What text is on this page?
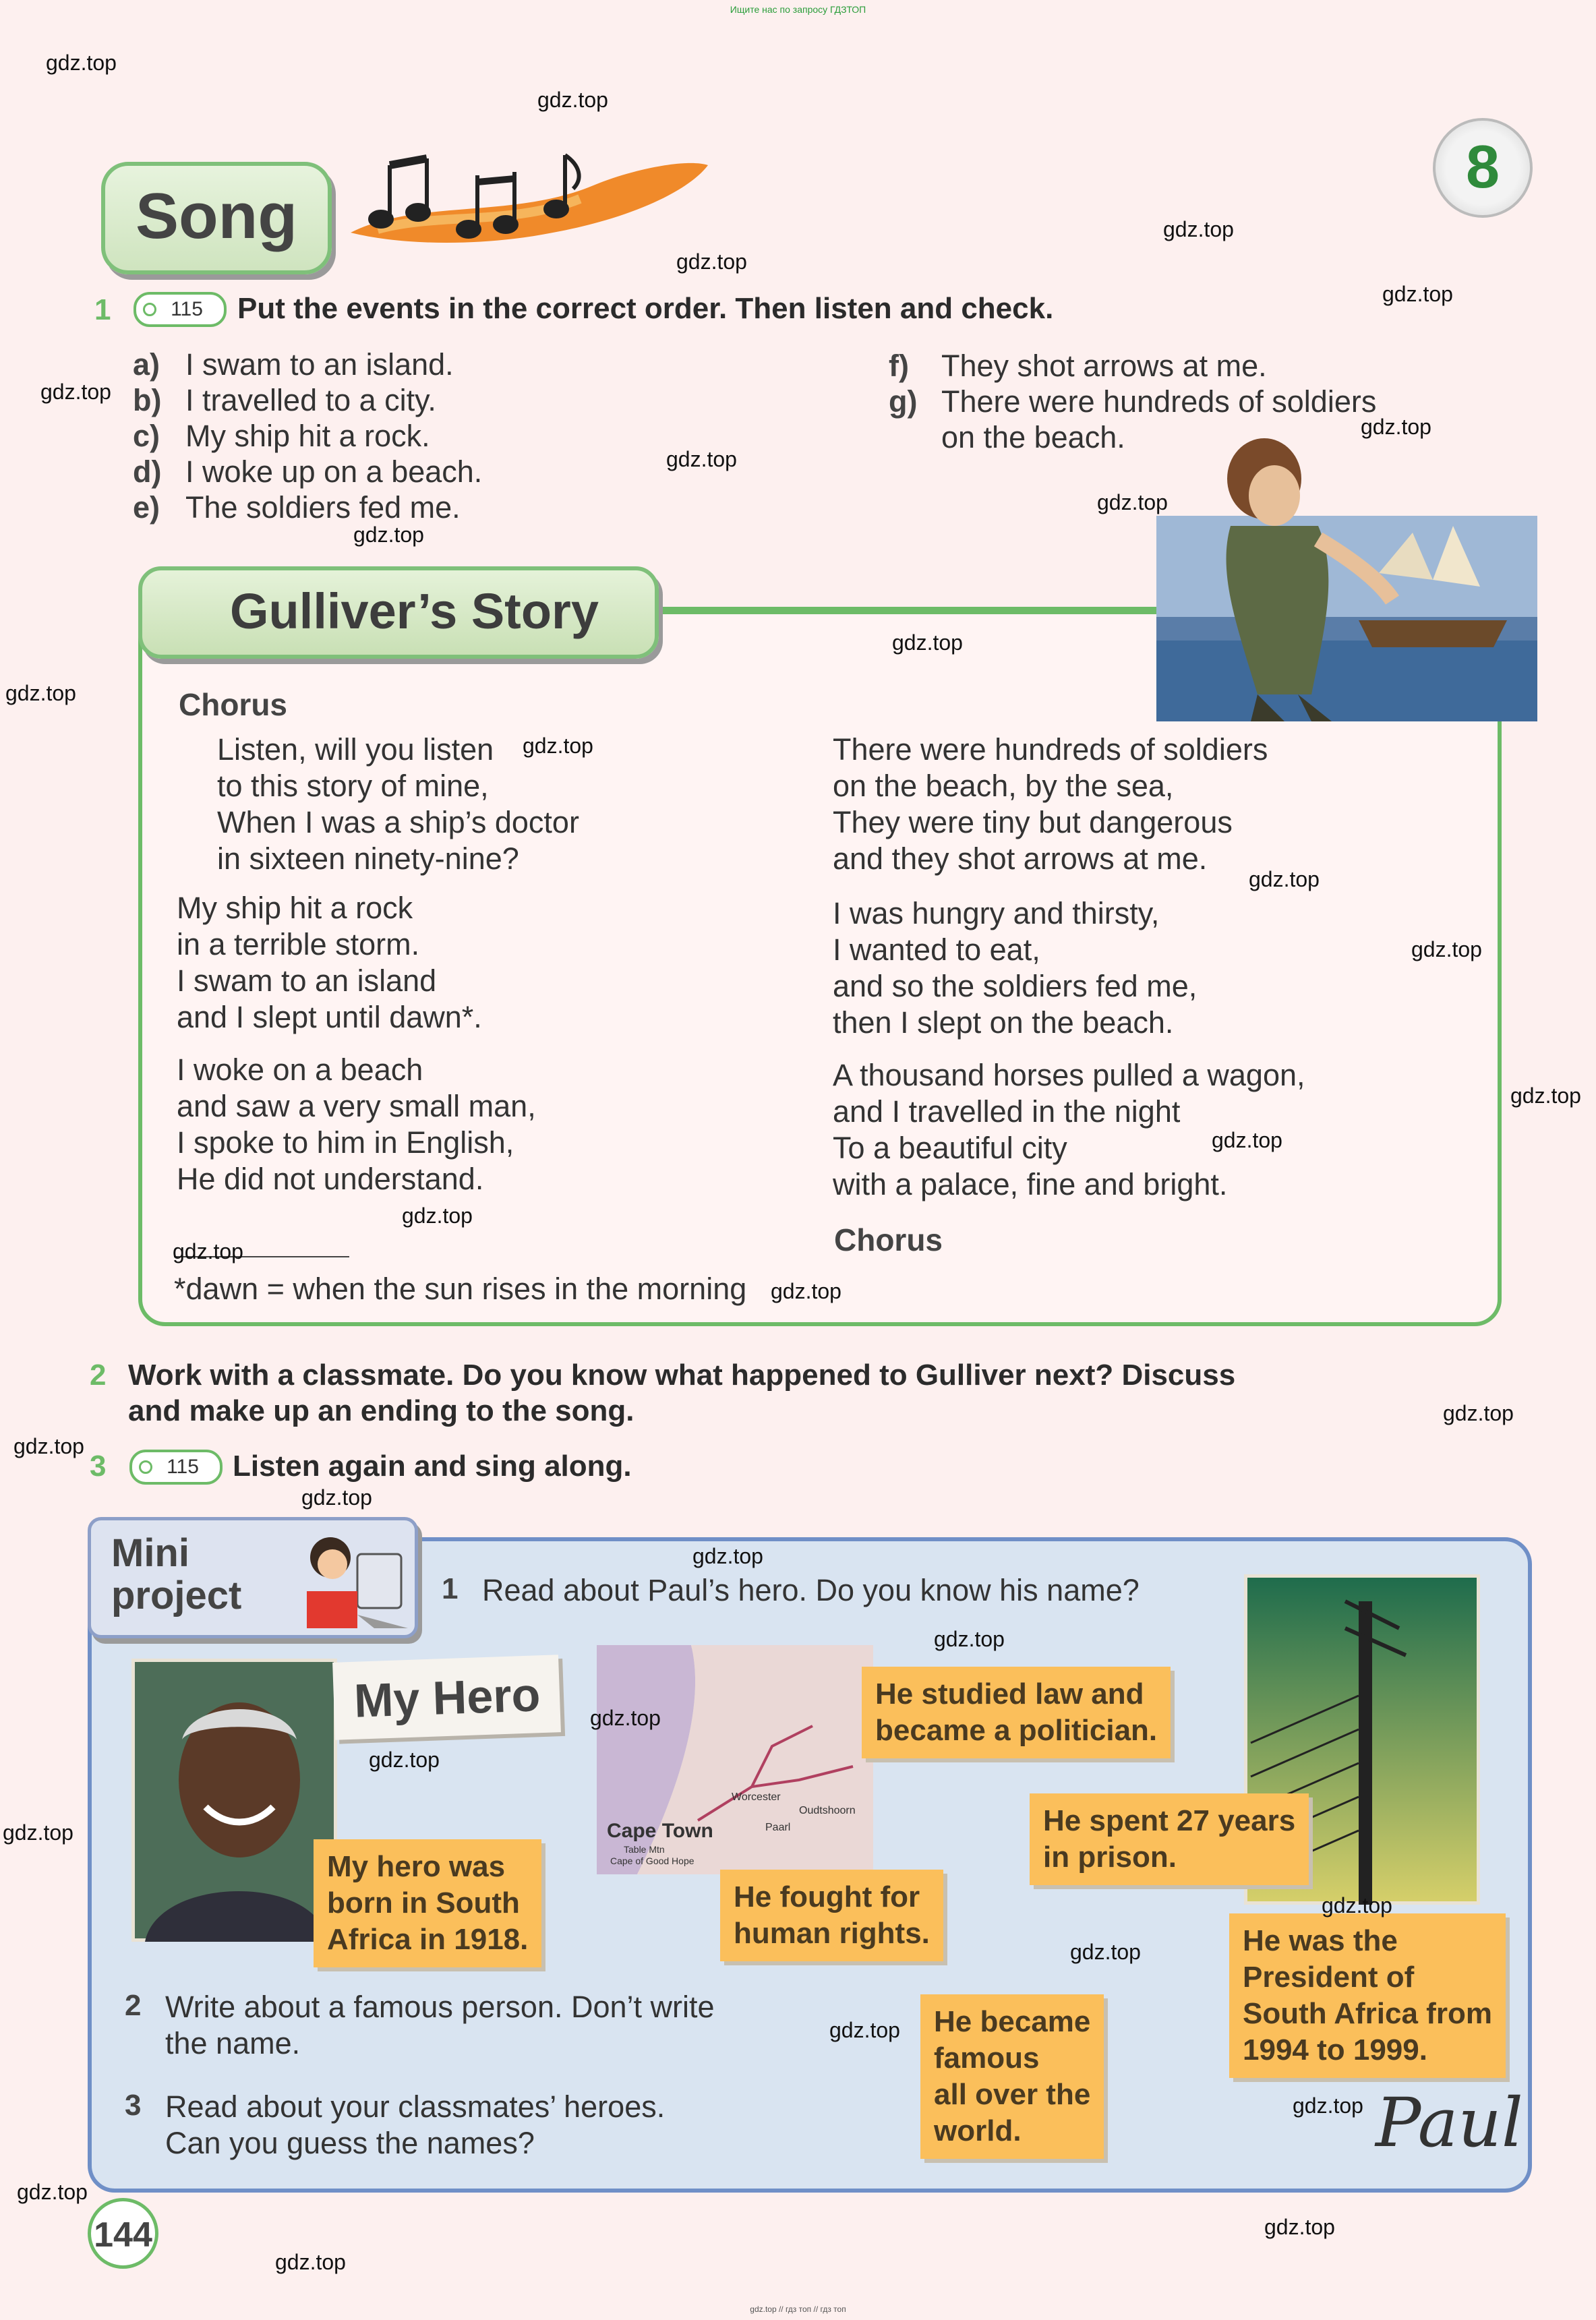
Ищите нас по запросу ГДЗТОП
Song
8
1	115	Put the events in the correct order. Then listen and check.
a) I swam to an island.
b) I travelled to a city.
c) My ship hit a rock.
d) I woke up on a beach.
e) The soldiers fed me.
f) They shot arrows at me.
g) There were hundreds of soldiers
on the beach.
Gulliver’s Story
Chorus
Listen, will you listen
to this story of mine,
When I was a ship’s doctor
in sixteen ninety-nine?
My ship hit a rock
in a terrible storm.
I swam to an island
and I slept until dawn*.
I woke on a beach
and saw a very small man,
I spoke to him in English,
He did not understand.
There were hundreds of soldiers
on the beach, by the sea,
They were tiny but dangerous
and they shot arrows at me.
I was hungry and thirsty,
I wanted to eat,
and so the soldiers fed me,
then I slept on the beach.
A thousand horses pulled a wagon,
and I travelled in the night
To a beautiful city
with a palace, fine and bright.
Chorus
*dawn = when the sun rises in the morning
2 Work with a classmate. Do you know what happened to Gulliver next? Discuss
and make up an ending to the song.
3	115	Listen again and sing along.
Mini
project	1 Read about Paul’s hero. Do you know his name?
My Hero
Cape Town
Table Mtn
Cape of Good Hope
Oudtshoorn
Paarl
Worcester
My hero was
born in South
Africa in 1918.
He studied law and
became a politician.
He fought for
human rights.
He spent 27 years
in prison.
He was the
President of
South Africa from
1994 to 1999.
He became
famous
all over the
world.
2 Write about a famous person. Don’t write
the name.
3 Read about your classmates’ heroes.
Can you guess the names?	Paul
144
gdz.top
gdz.top
gdz.top
gdz.top
gdz.top
gdz.top
gdz.top
gdz.top
gdz.top
gdz.top
gdz.top
gdz.top
gdz.top
gdz.top
gdz.top
gdz.top
gdz.top
gdz.top
gdz.top
gdz.top
gdz.top
gdz.top
gdz.top
gdz.top
gdz.top
gdz.top
gdz.top
gdz.top
gdz.top
gdz.top
gdz.top
gdz.top
gdz.top
gdz.top
gdz.top
gdz.top // гдз топ // гдз топ
